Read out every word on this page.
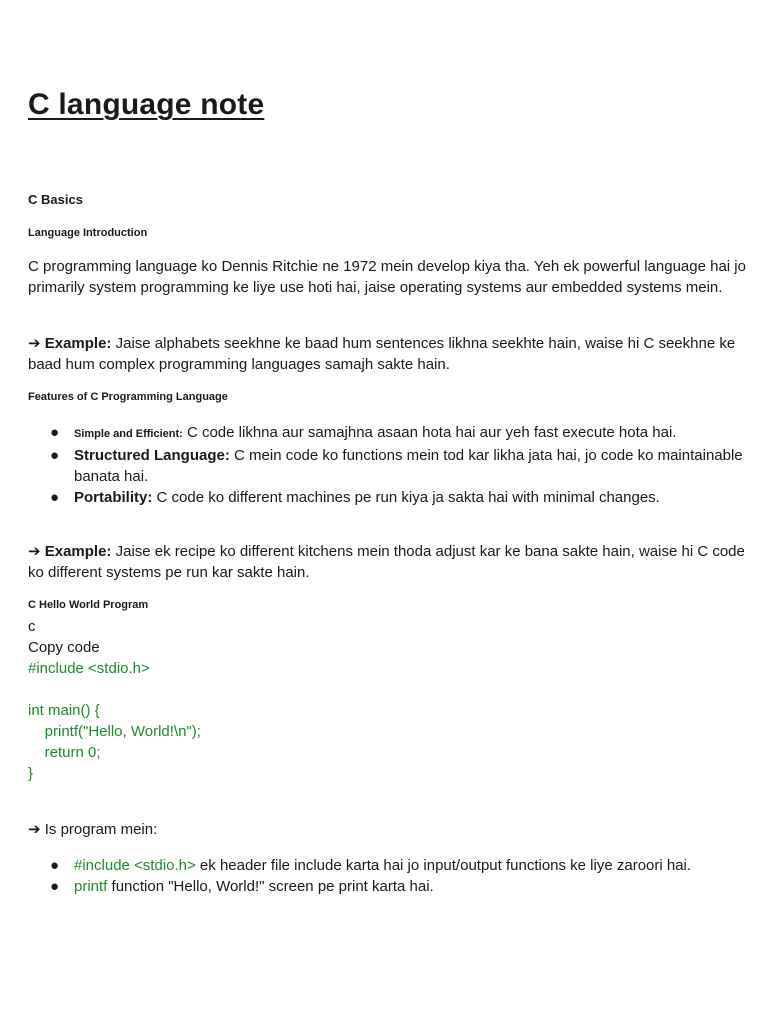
C language note
C Basics
Language Introduction

C programming language ko Dennis Ritchie ne 1972 mein develop kiya tha. Yeh ek powerful language hai jo primarily system programming ke liye use hoti hai, jaise operating systems aur embedded systems mein.

➔ Example: Jaise alphabets seekhne ke baad hum sentences likhna seekhte hain, waise hi C seekhne ke baad hum complex programming languages samajh sakte hain.

Features of C Programming Language
● Simple and Efficient: C code likhna aur samajhna asaan hota hai aur yeh fast execute hota hai.
● Structured Language: C mein code ko functions mein tod kar likha jata hai, jo code ko maintainable banata hai.
● Portability: C code ko different machines pe run kiya ja sakta hai with minimal changes.

➔ Example: Jaise ek recipe ko different kitchens mein thoda adjust kar ke bana sakte hain, waise hi C code ko different systems pe run kar sakte hain.

C Hello World Program
c
Copy code
#include <stdio.h>
int main() {
printf("Hello, World!\n");
return 0;
}
➔ Is program mein:
● #include <stdio.h> ek header file include karta hai jo input/output functions ke liye zaroori hai.
● printf function "Hello, World!" screen pe print karta hai.
